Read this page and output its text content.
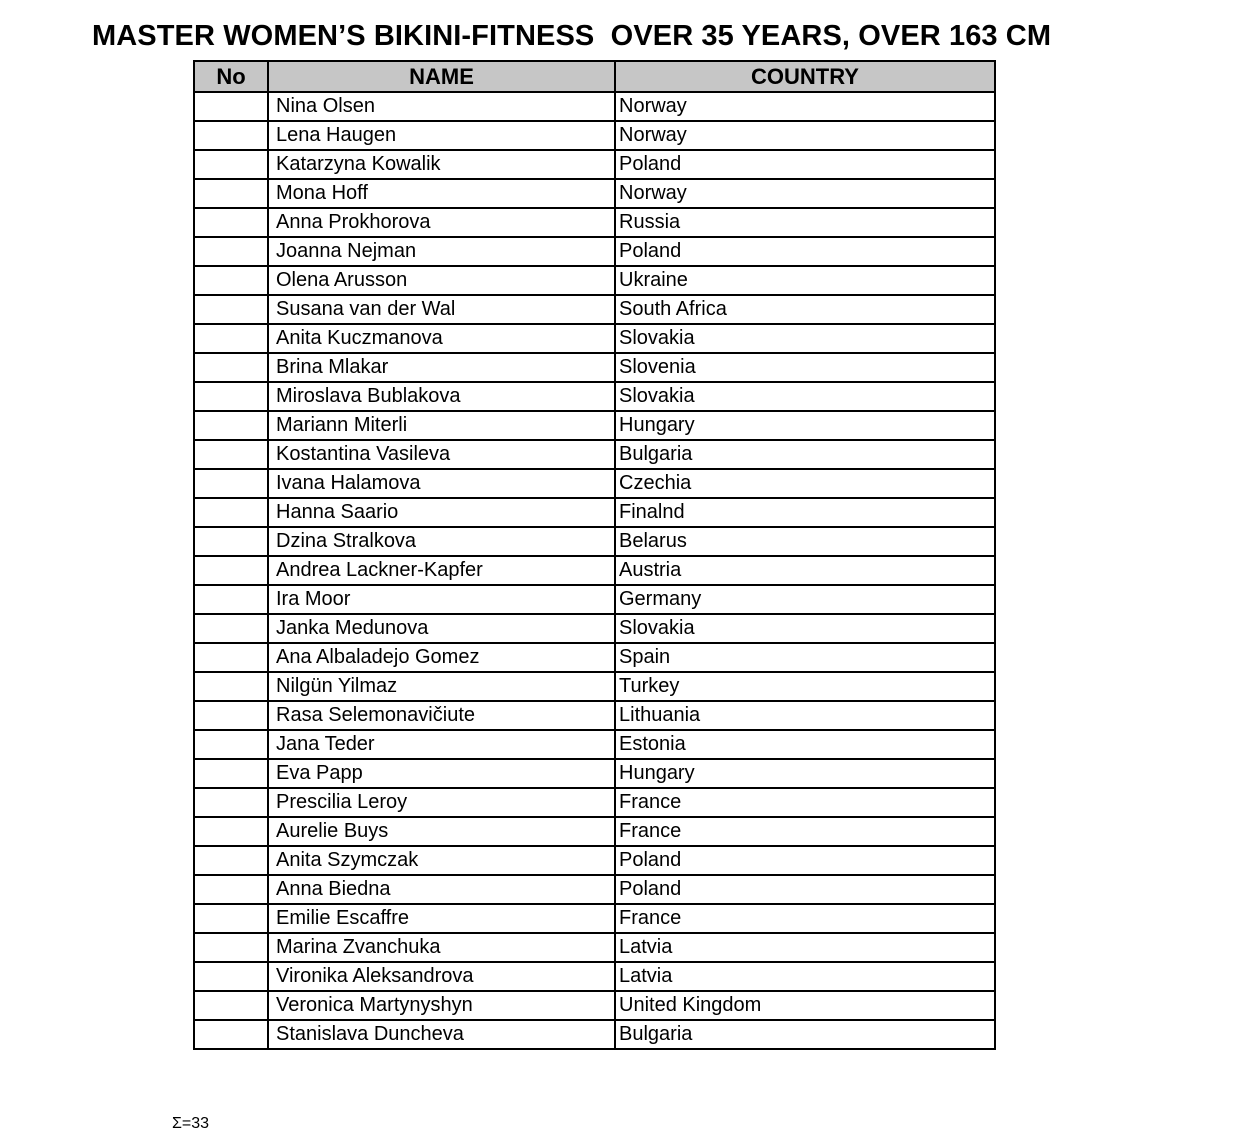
MASTER WOMEN’S BIKINI-FITNESS  OVER 35 YEARS, OVER 163 CM
No	NAME	COUNTRY
	Nina Olsen	Norway
	Lena Haugen	Norway
	Katarzyna Kowalik	Poland
	Mona Hoff	Norway
	Anna Prokhorova	Russia
	Joanna Nejman	Poland
	Olena Arusson	Ukraine
	Susana van der Wal	South Africa
	Anita Kuczmanova	Slovakia
	Brina Mlakar	Slovenia
	Miroslava Bublakova	Slovakia
	Mariann Miterli	Hungary
	Kostantina Vasileva	Bulgaria
	Ivana Halamova	Czechia
	Hanna Saario	Finalnd
	Dzina Stralkova	Belarus
	Andrea Lackner-Kapfer	Austria
	Ira Moor	Germany
	Janka Medunova	Slovakia
	Ana Albaladejo Gomez	Spain
	Nilgün Yilmaz	Turkey
	Rasa Selemonavičiute	Lithuania
	Jana Teder	Estonia
	Eva Papp	Hungary
	Prescilia Leroy	France
	Aurelie Buys	France
	Anita Szymczak	Poland
	Anna Biedna	Poland
	Emilie Escaffre	France
	Marina Zvanchuka	Latvia
	Vironika Aleksandrova	Latvia
	Veronica Martynyshyn	United Kingdom
	Stanislava Duncheva	Bulgaria
Σ=33
